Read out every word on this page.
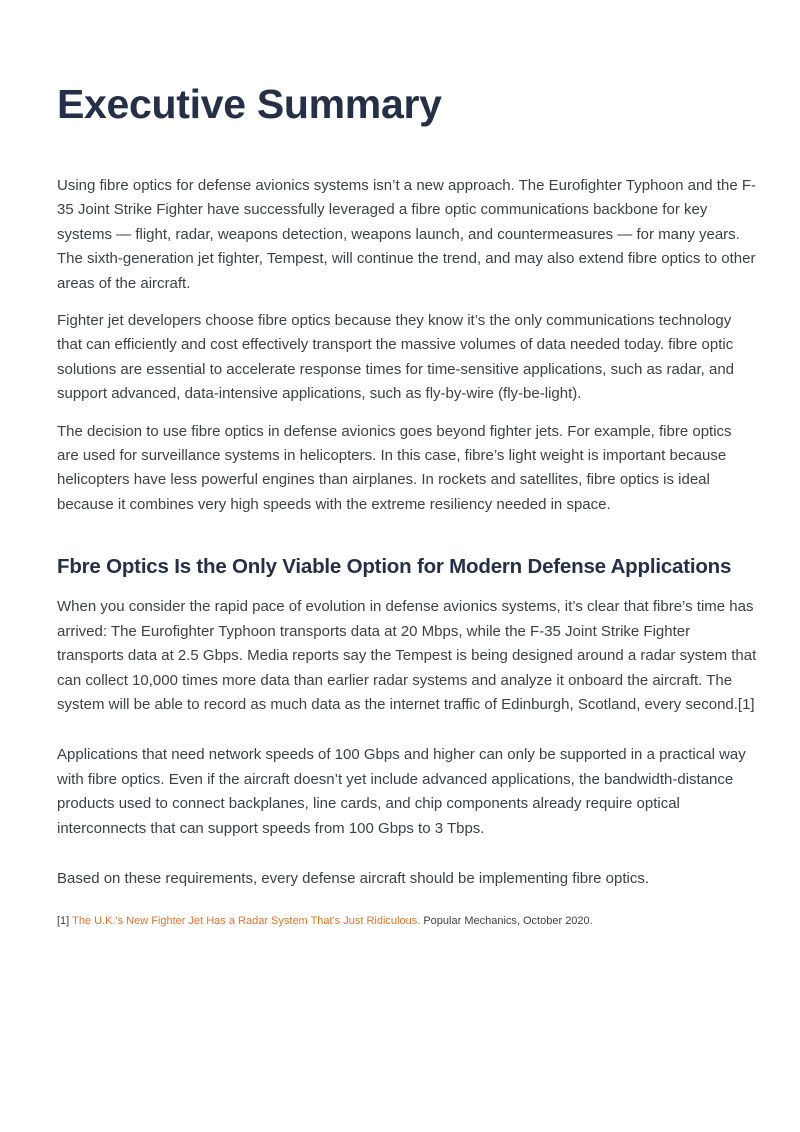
Executive Summary

Using fibre optics for defense avionics systems isn’t a new approach. The Eurofighter Typhoon and the F-35 Joint Strike Fighter have successfully leveraged a fibre optic communications backbone for key systems — flight, radar, weapons detection, weapons launch, and countermeasures — for many years. The sixth-generation jet fighter, Tempest, will continue the trend, and may also extend fibre optics to other areas of the aircraft.

Fighter jet developers choose fibre optics because they know it’s the only communications technology that can efficiently and cost effectively transport the massive volumes of data needed today. fibre optic solutions are essential to accelerate response times for time-sensitive applications, such as radar, and support advanced, data-intensive applications, such as fly-by-wire (fly-be-light).

The decision to use fibre optics in defense avionics goes beyond fighter jets. For example, fibre optics are used for surveillance systems in helicopters. In this case, fibre’s light weight is important because helicopters have less powerful engines than airplanes. In rockets and satellites, fibre optics is ideal because it combines very high speeds with the extreme resiliency needed in space.

Fbre Optics Is the Only Viable Option for Modern Defense Applications

When you consider the rapid pace of evolution in defense avionics systems, it’s clear that fibre’s time has arrived: The Eurofighter Typhoon transports data at 20 Mbps, while the F-35 Joint Strike Fighter transports data at 2.5 Gbps. Media reports say the Tempest is being designed around a radar system that can collect 10,000 times more data than earlier radar systems and analyze it onboard the aircraft. The system will be able to record as much data as the internet traffic of Edinburgh, Scotland, every second.[1]

Applications that need network speeds of 100 Gbps and higher can only be supported in a practical way with fibre optics. Even if the aircraft doesn’t yet include advanced applications, the bandwidth-distance products used to connect backplanes, line cards, and chip components already require optical interconnects that can support speeds from 100 Gbps to 3 Tbps.

Based on these requirements, every defense aircraft should be implementing fibre optics.

[1] The U.K.'s New Fighter Jet Has a Radar System That's Just Ridiculous. Popular Mechanics, October 2020.
